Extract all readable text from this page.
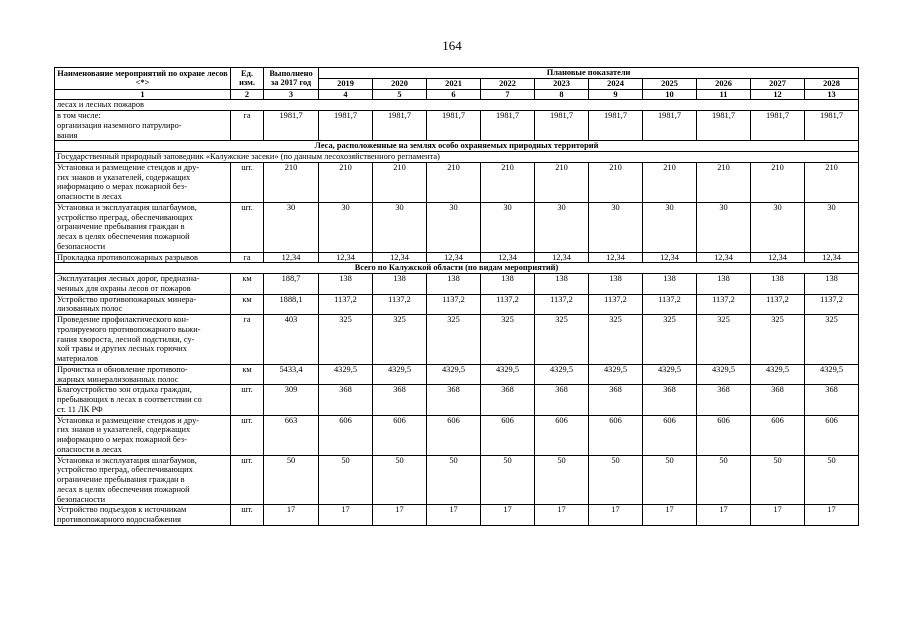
164
Наименование мероприятий по охране лесов <*>	Ед. изм.	Выполнено за 2017 год	Плановые показатели									
			2019	2020	2021	2022	2023	2024	2025	2026	2027	2028
1	2	3	4	5	6	7	8	9	10	11	12	13
лесах и лесных пожаров												
в том числе:
организация наземного патрулиро-
вания	га	1981,7	1981,7	1981,7	1981,7	1981,7	1981,7	1981,7	1981,7	1981,7	1981,7	1981,7
Леса, расположенные на землях особо охраняемых природных территорий												
Государственный природный заповедник «Калужские засеки» (по данным лесохозяйственного регламента)												
Установка и размещение стендов и дру-
гих знаков и указателей, содержащих
информацию о мерах пожарной без-
опасности в лесах	шт.	210	210	210	210	210	210	210	210	210	210	210
Установка и эксплуатация шлагбаумов,
устройство преград, обеспечивающих
ограничение пребывания граждан в
лесах в целях обеспечения пожарной
безопасности	шт.	30	30	30	30	30	30	30	30	30	30	30
Прокладка противопожарных разрывов	га	12,34	12,34	12,34	12,34	12,34	12,34	12,34	12,34	12,34	12,34	12,34
Всего по Калужской области (по видам мероприятий)												
Эксплуатация лесных дорог, предназна-
ченных для охраны лесов от пожаров	км	188,7	138	138	138	138	138	138	138	138	138	138
Устройство противопожарных минера-
лизованных полос	км	1888,1	1137,2	1137,2	1137,2	1137,2	1137,2	1137,2	1137,2	1137,2	1137,2	1137,2
Проведение профилактического кон-
тролируемого противопожарного выжи-
гания хвороста, лесной подстилки, су-
хой травы и других лесных горючих
материалов	га	403	325	325	325	325	325	325	325	325	325	325
Прочистка и обновление противопо-
жарных минерализованных полос	км	5433,4	4329,5	4329,5	4329,5	4329,5	4329,5	4329,5	4329,5	4329,5	4329,5	4329,5
Благоустройство зон отдыха граждан,
пребывающих в лесах в соответствии со
ст. 11 ЛК РФ	шт.	309	368	368	368	368	368	368	368	368	368	368
Установка и размещение стендов и дру-
гих знаков и указателей, содержащих
информацию о мерах пожарной без-
опасности в лесах	шт.	663	606	606	606	606	606	606	606	606	606	606
Установка и эксплуатация шлагбаумов,
устройство преград, обеспечивающих
ограничение пребывания граждан в
лесах в целях обеспечения пожарной
безопасности	шт.	50	50	50	50	50	50	50	50	50	50	50
Устройство подъездов к источникам
противопожарного водоснабжения	шт.	17	17	17	17	17	17	17	17	17	17	17
